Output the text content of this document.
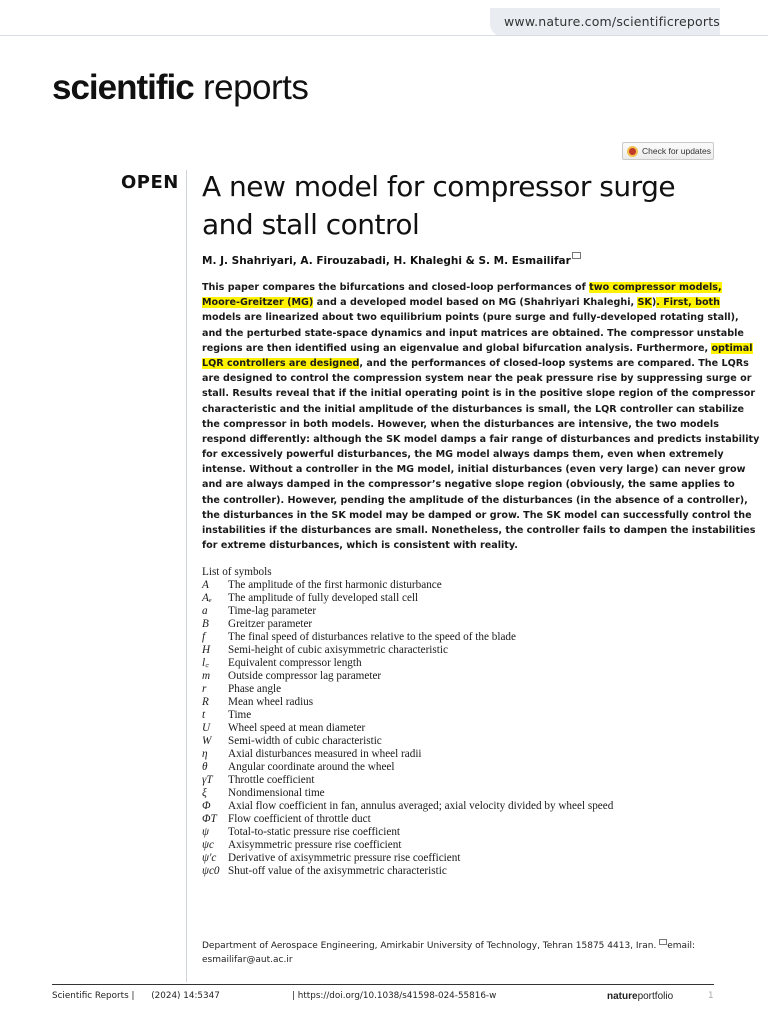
www.nature.com/scientificreports
scientific reports
Check for updates
OPEN A new model for compressor surge
and stall control
M. J. Shahriyari, A. Firouzabadi, H. Khaleghi & S. M. Esmailifar
This paper compares the bifurcations and closed-loop performances of two compressor models,
Moore-Greitzer (MG) and a developed model based on MG (Shahriyari Khaleghi, SK). First, both
models are linearized about two equilibrium points (pure surge and fully-developed rotating stall),
and the perturbed state-space dynamics and input matrices are obtained. The compressor unstable
regions are then identified using an eigenvalue and global bifurcation analysis. Furthermore, optimal
LQR controllers are designed, and the performances of closed-loop systems are compared. The LQRs
are designed to control the compression system near the peak pressure rise by suppressing surge or
stall. Results reveal that if the initial operating point is in the positive slope region of the compressor
characteristic and the initial amplitude of the disturbances is small, the LQR controller can stabilize
the compressor in both models. However, when the disturbances are intensive, the two models
respond differently: although the SK model damps a fair range of disturbances and predicts instability
for excessively powerful disturbances, the MG model always damps them, even when extremely
intense. Without a controller in the MG model, initial disturbances (even very large) can never grow
and are always damped in the compressor’s negative slope region (obviously, the same applies to
the controller). However, pending the amplitude of the disturbances (in the absence of a controller),
the disturbances in the SK model may be damped or grow. The SK model can successfully control the
instabilities if the disturbances are small. Nonetheless, the controller fails to dampen the instabilities
for extreme disturbances, which is consistent with reality.
List of symbols
A	The amplitude of the first harmonic disturbance
Aₑ	The amplitude of fully developed stall cell
a	Time-lag parameter
B	Greitzer parameter
f	The final speed of disturbances relative to the speed of the blade
H	Semi-height of cubic axisymmetric characteristic
l꜀	Equivalent compressor length
m	Outside compressor lag parameter
r	Phase angle
R	Mean wheel radius
t	Time
U	Wheel speed at mean diameter
W	Semi-width of cubic characteristic
η	Axial disturbances measured in wheel radii
θ	Angular coordinate around the wheel
γT	Throttle coefficient
ξ	Nondimensional time
Φ	Axial flow coefficient in fan, annulus averaged; axial velocity divided by wheel speed
ΦT	Flow coefficient of throttle duct
ψ	Total-to-static pressure rise coefficient
ψc	Axisymmetric pressure rise coefficient
ψ′c	Derivative of axisymmetric pressure rise coefficient
ψc0 Shut-off value of the axisymmetric characteristic
Department of Aerospace Engineering, Amirkabir University of Technology, Tehran 15875 4413, Iran. email:
esmailifar@aut.ac.ir
Scientific Reports | (2024) 14:5347	| https://doi.org/10.1038/s41598-024-55816-w	natureportfolio	1
